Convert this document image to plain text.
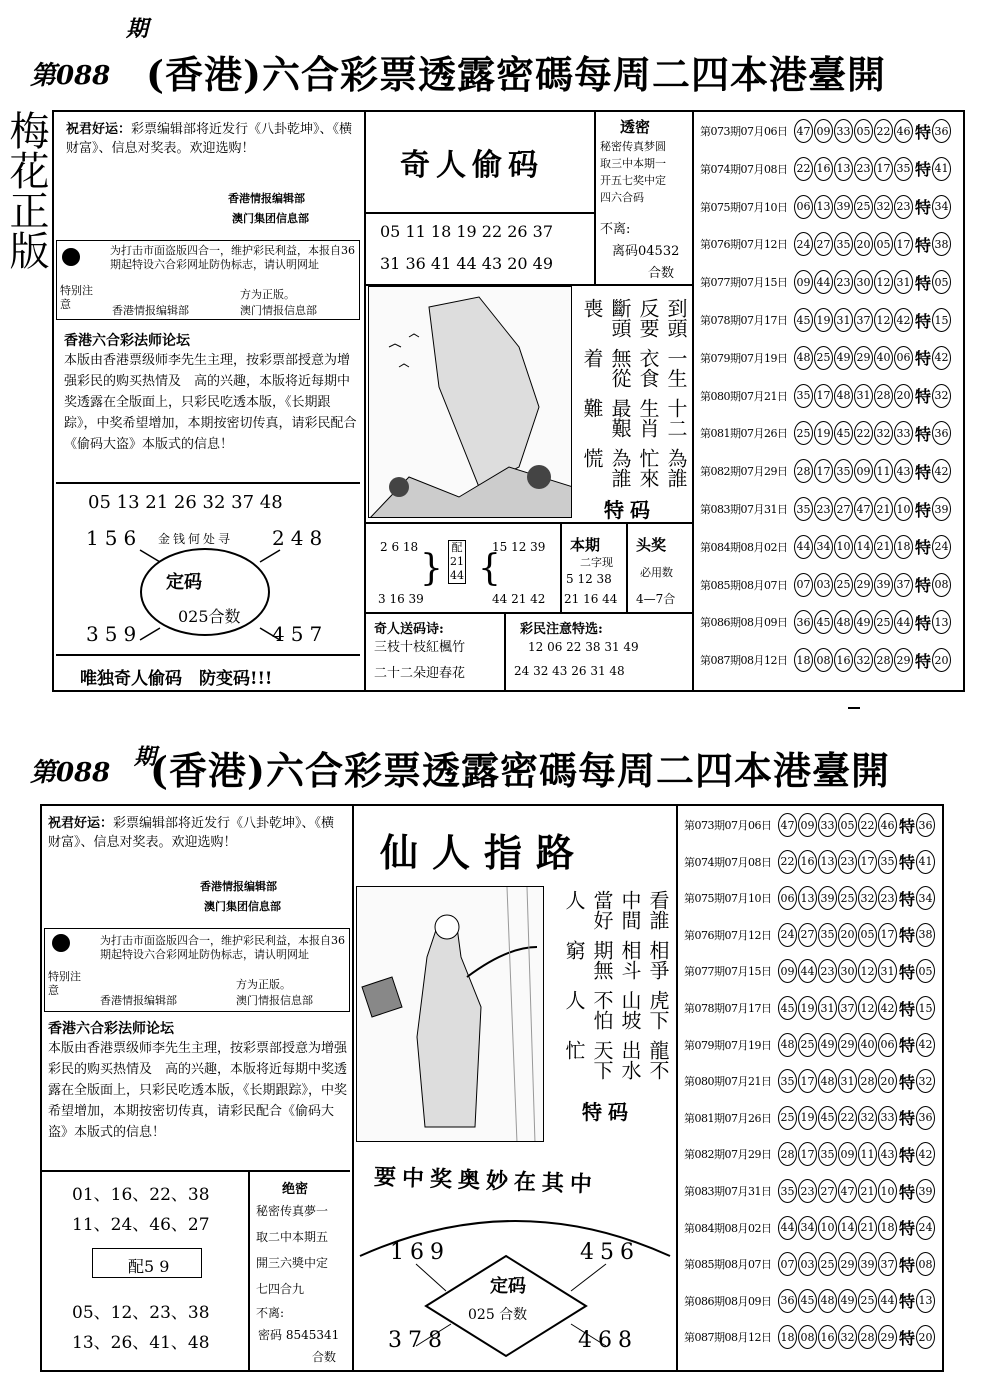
第088
期
(香港)六合彩票透露密碼每周二四本港臺開
梅花正版 祝君好运：彩票编辑部将近发行《八卦乾坤》、《横财富》、信息对奖表。欢迎选购！
香港情报编辑部
澳门集团信息部
特别注意
为打击市面盗版四合一，维护彩民利益，本报自36期起特设六合彩网址防伪标志，请认明网址
方为正版。
香港情报编辑部	澳门情报信息部
香港六合彩法师论坛
本版由香港票级师李先生主理，按彩票部授意为增强彩民的购买热情及　高的兴趣，本版将近每期中奖透露在全版面上，只彩民吃透本版，《长期跟踪》，中奖希望增加，本期按密切传真，请彩民配合《偷码大盗》本版式的信息！
05 13 21 26 32 37 48
156	248
359	457
金钱何处寻
定码
025合数
唯独奇人偷码　防变码!!!
奇人偷码
05 11 18 19 22 26 37
31 36 41 44 43 20 49
透密
秘密传真梦圆
取三中本期一
开五七奖中定
四六合码
不离:
离码04532
合数
為誰忙來為誰慌
十二生肖最艱難
一生衣食無從着
到頭反要斷頭喪
特码
2 6 18
3 16 39
}
配
21
44 {
15 12 39
44 21 42
本期
二字现
5 12 38
21 16 44
头奖
必用数
4—7合
奇人送码诗:
三枝十枝紅楓竹
二十二朵迎春花
彩民注意特选:
12 06 22 38 31 49
24 32 43 26 31 48
第073期07月06日 47 09 33 05 22 46 特 36
第074期07月08日 22 16 13 23 17 35 特 41
第075期07月10日 06 13 39 25 32 23 特 34
第076期07月12日 24 27 35 20 05 17 特 38
第077期07月15日 09 44 23 30 12 31 特 05
第078期07月17日 45 19 31 37 12 42 特 15
第079期07月19日 48 25 49 29 40 06 特 42
第080期07月21日 35 17 48 31 28 20 特 32
第081期07月26日 25 19 45 22 32 33 特 36
第082期07月29日 28 17 35 09 11 43 特 42
第083期07月31日 35 23 27 47 21 10 特 39
第084期08月02日 44 34 10 14 21 18 特 24
第085期08月07日 07 03 25 29 39 37 特 08
第086期08月09日 36 45 48 49 25 44 特 13
第087期08月12日 18 08 16 32 28 29 特 20
第088
期
(香港)六合彩票透露密碼每周二四本港臺開
祝君好运：彩票编辑部将近发行《八卦乾坤》、《横财富》、信息对奖表。欢迎选购！
香港情报编辑部
澳门集团信息部
特别注意
为打击市面盗版四合一，维护彩民利益，本报自36期起特设六合彩网址防伪标志，请认明网址
方为正版。
香港情报编辑部	澳门情报信息部
香港六合彩法师论坛
本版由香港票级师李先生主理，按彩票部授意为增强彩民的购买热情及　高的兴趣，本版将近每期中奖透露在全版面上，只彩民吃透本版，《长期跟踪》，中奖希望增加，本期按密切传真，请彩民配合《偷码大盗》本版式的信息！
01、16、22、38
11、24、46、27
配5 9
05、12、23、38
13、26、41、48
绝密
秘密传真夢一
取二中本期五
開三六獎中定
七四合九
不离:
密码 8545341
合数
仙人指路
龍不出水天下忙
虎下山坡不怕人
相爭相斗期無窮
看誰中間當好人
特码
要中奖奥妙在其中
169	456
378	468
定码
025 合数
第073期07月06日 47 09 33 05 22 46 特 36
第074期07月08日 22 16 13 23 17 35 特 41
第075期07月10日 06 13 39 25 32 23 特 34
第076期07月12日 24 27 35 20 05 17 特 38
第077期07月15日 09 44 23 30 12 31 特 05
第078期07月17日 45 19 31 37 12 42 特 15
第079期07月19日 48 25 49 29 40 06 特 42
第080期07月21日 35 17 48 31 28 20 特 32
第081期07月26日 25 19 45 22 32 33 特 36
第082期07月29日 28 17 35 09 11 43 特 42
第083期07月31日 35 23 27 47 21 10 特 39
第084期08月02日 44 34 10 14 21 18 特 24
第085期08月07日 07 03 25 29 39 37 特 08
第086期08月09日 36 45 48 49 25 44 特 13
第087期08月12日 18 08 16 32 28 29 特 20
